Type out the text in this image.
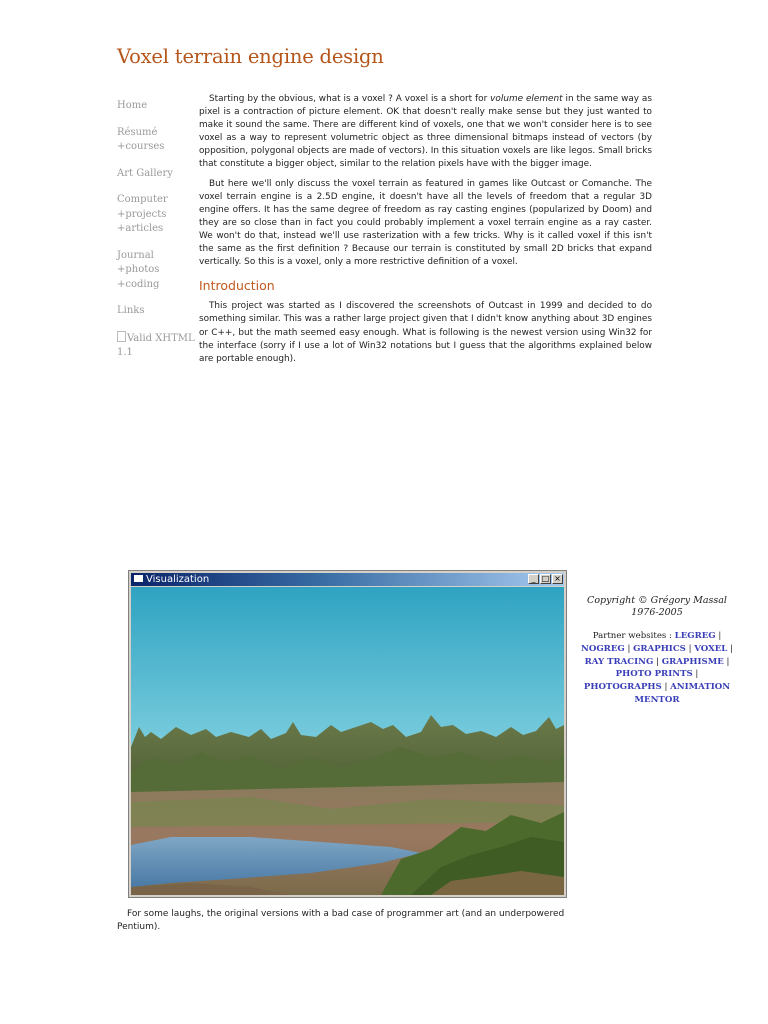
Voxel terrain engine design
Home
Résumé
+courses
Art Gallery
Computer
+projects
+articles
Journal
+photos
+coding
Links
Valid XHTML
1.1

Starting by the obvious, what is a voxel ? A voxel is a short for volume element in the same way as pixel is a contraction of picture element. OK that doesn't really make sense but they just wanted to make it sound the same. There are different kind of voxels, one that we won't consider here is to see voxel as a way to represent volumetric object as three dimensional bitmaps instead of vectors (by opposition, polygonal objects are made of vectors). In this situation voxels are like legos. Small bricks that constitute a bigger object, similar to the relation pixels have with the bigger image.

But here we'll only discuss the voxel terrain as featured in games like Outcast or Comanche. The voxel terrain engine is a 2.5D engine, it doesn't have all the levels of freedom that a regular 3D engine offers. It has the same degree of freedom as ray casting engines (popularized by Doom) and they are so close than in fact you could probably implement a voxel terrain engine as a ray caster. We won't do that, instead we'll use rasterization with a few tricks. Why is it called voxel if this isn't the same as the first definition ? Because our terrain is constituted by small 2D bricks that expand vertically. So this is a voxel, only a more restrictive definition of a voxel.

Introduction

This project was started as I discovered the screenshots of Outcast in 1999 and decided to do something similar. This was a rather large project given that I didn't know anything about 3D engines or C++, but the math seemed easy enough. What is following is the newest version using Win32 for the interface (sorry if I use a lot of Win32 notations but I guess that the algorithms explained below are portable enough).

Visualization	_ □ ×

For some laughs, the original versions with a bad case of programmer art (and an underpowered Pentium).

Copyright © Grégory Massal 1976-2005

Partner websites : LEGREG | NOGREG | GRAPHICS | VOXEL | RAY TRACING | GRAPHISME | PHOTO PRINTS | PHOTOGRAPHS | ANIMATION MENTOR
